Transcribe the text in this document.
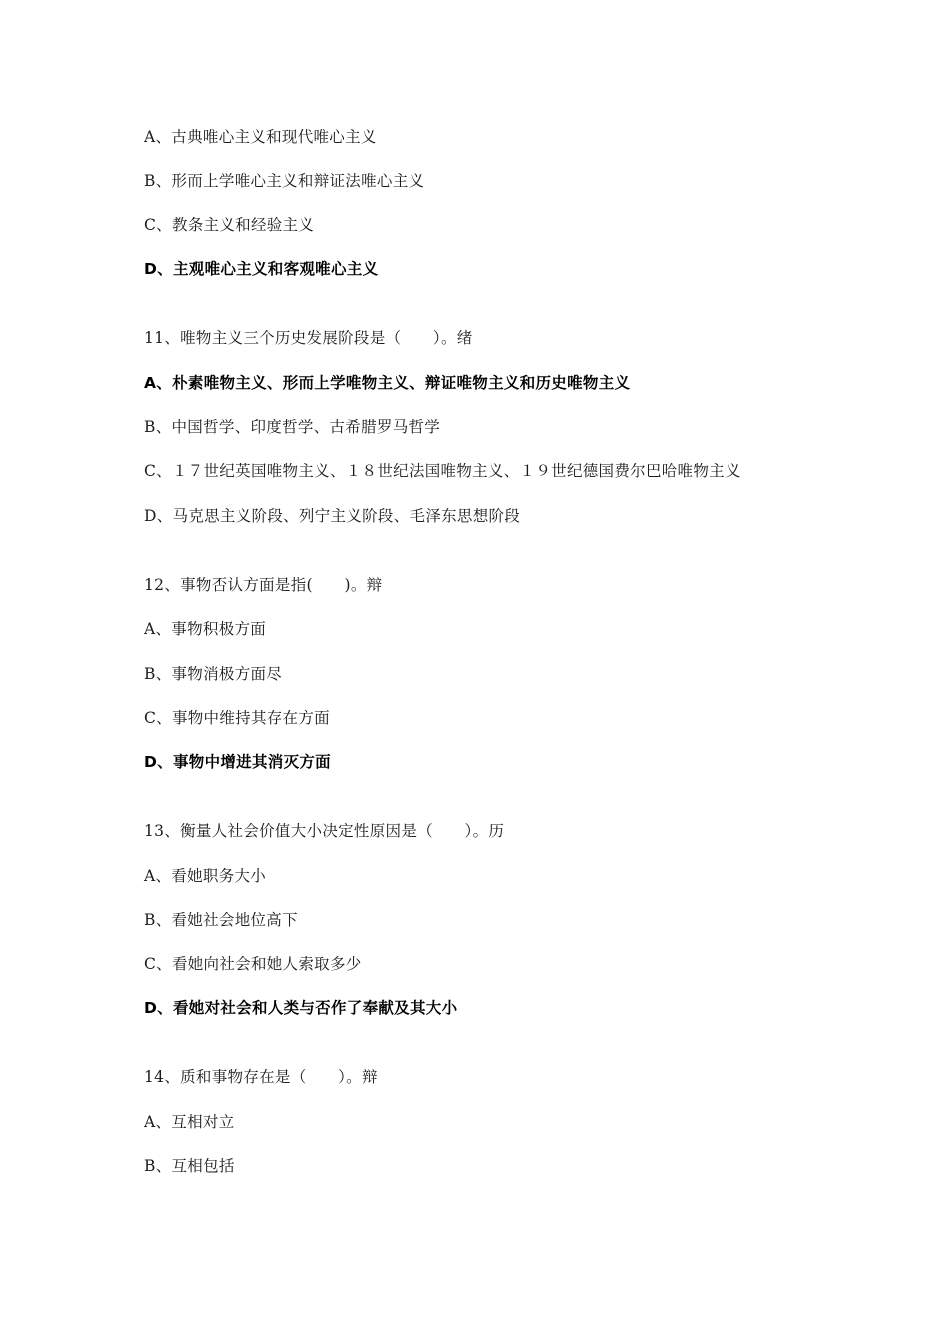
A、古典唯心主义和现代唯心主义
B、形而上学唯心主义和辩证法唯心主义
C、教条主义和经验主义
D、主观唯心主义和客观唯心主义
11、唯物主义三个历史发展阶段是（　　）。绪
A、朴素唯物主义、形而上学唯物主义、辩证唯物主义和历史唯物主义
B、中国哲学、印度哲学、古希腊罗马哲学
C、１７世纪英国唯物主义、１８世纪法国唯物主义、１９世纪德国费尔巴哈唯物主义
D、马克思主义阶段、列宁主义阶段、毛泽东思想阶段
12、事物否认方面是指(　　)。辩
A、事物积极方面
B、事物消极方面尽
C、事物中维持其存在方面
D、事物中增进其消灭方面
13、衡量人社会价值大小决定性原因是（　　）。历
A、看她职务大小
B、看她社会地位高下
C、看她向社会和她人索取多少
D、看她对社会和人类与否作了奉献及其大小
14、质和事物存在是（　　）。辩
A、互相对立
B、互相包括
